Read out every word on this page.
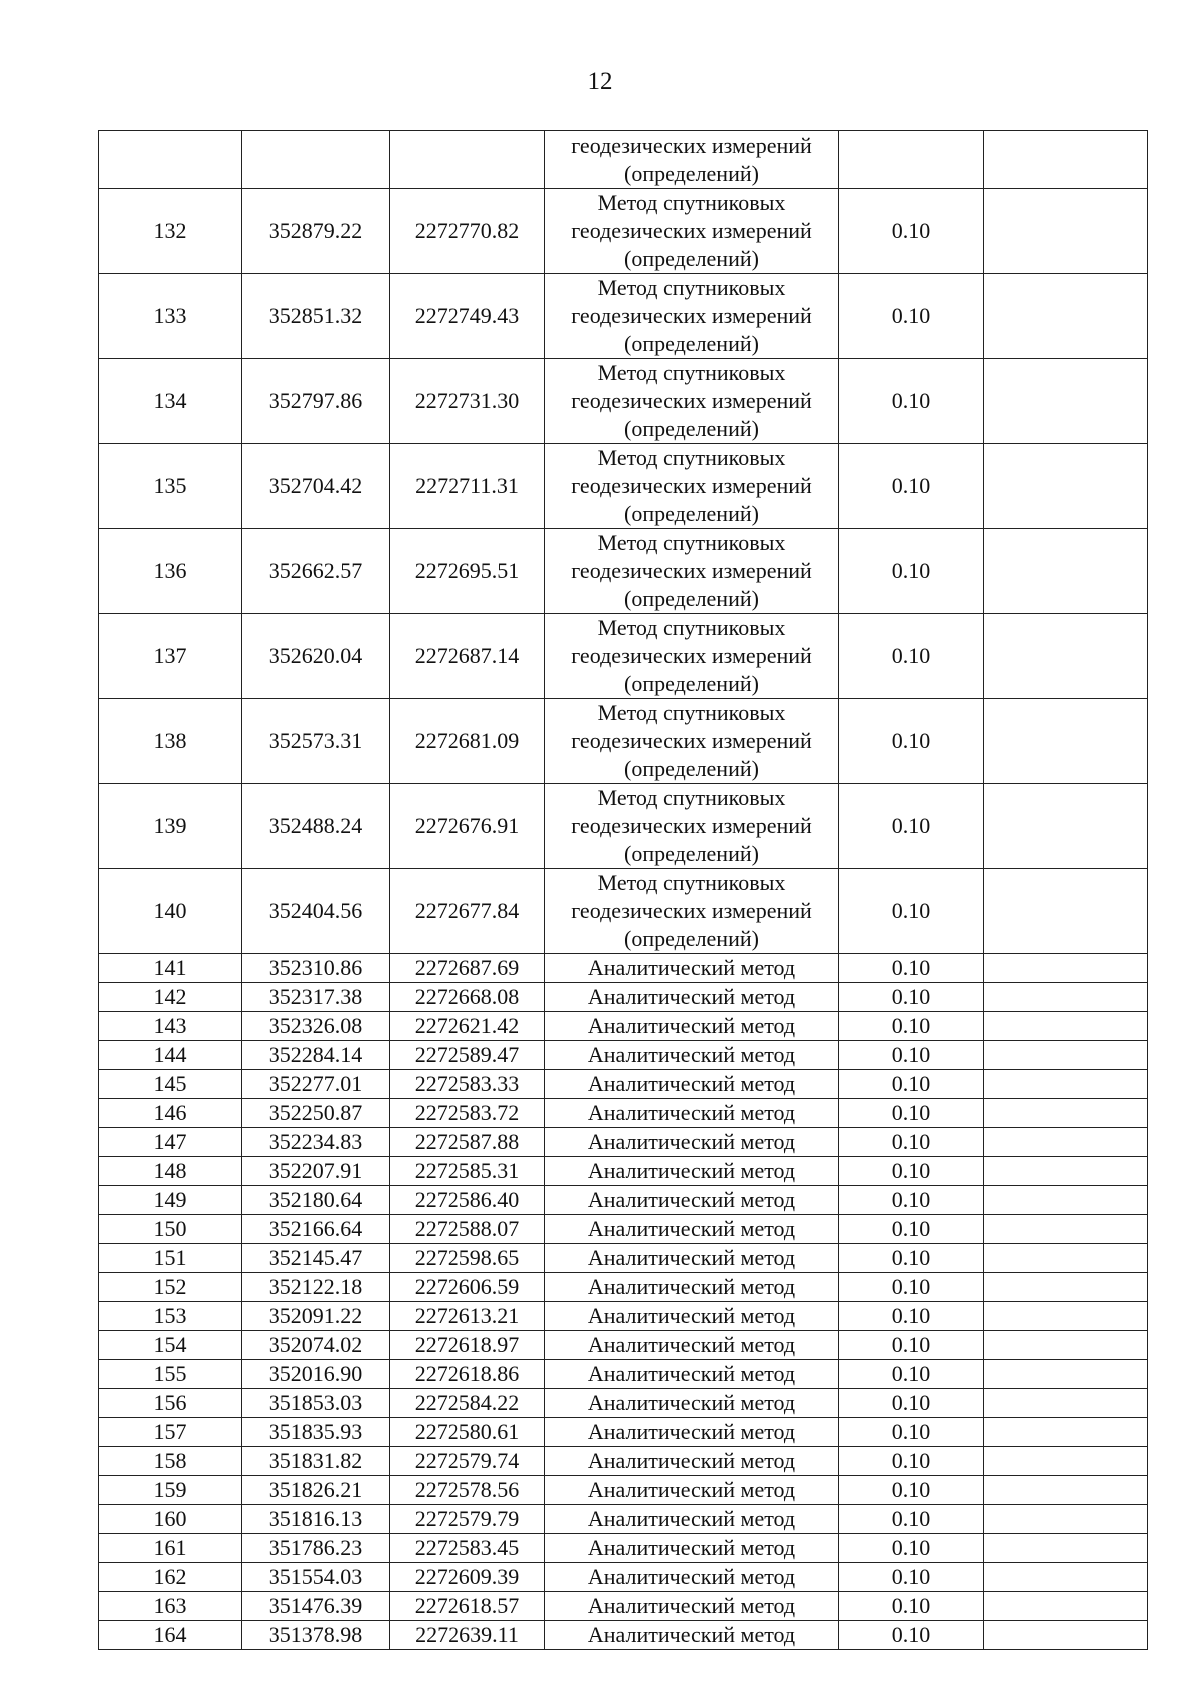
12
			геодезических измерений
(определений)		
132	352879.22	2272770.82	Метод спутниковых
геодезических измерений
(определений)	0.10	
133	352851.32	2272749.43	Метод спутниковых
геодезических измерений
(определений)	0.10	
134	352797.86	2272731.30	Метод спутниковых
геодезических измерений
(определений)	0.10	
135	352704.42	2272711.31	Метод спутниковых
геодезических измерений
(определений)	0.10	
136	352662.57	2272695.51	Метод спутниковых
геодезических измерений
(определений)	0.10	
137	352620.04	2272687.14	Метод спутниковых
геодезических измерений
(определений)	0.10	
138	352573.31	2272681.09	Метод спутниковых
геодезических измерений
(определений)	0.10	
139	352488.24	2272676.91	Метод спутниковых
геодезических измерений
(определений)	0.10	
140	352404.56	2272677.84	Метод спутниковых
геодезических измерений
(определений)	0.10	
141	352310.86	2272687.69	Аналитический метод	0.10	
142	352317.38	2272668.08	Аналитический метод	0.10	
143	352326.08	2272621.42	Аналитический метод	0.10	
144	352284.14	2272589.47	Аналитический метод	0.10	
145	352277.01	2272583.33	Аналитический метод	0.10	
146	352250.87	2272583.72	Аналитический метод	0.10	
147	352234.83	2272587.88	Аналитический метод	0.10	
148	352207.91	2272585.31	Аналитический метод	0.10	
149	352180.64	2272586.40	Аналитический метод	0.10	
150	352166.64	2272588.07	Аналитический метод	0.10	
151	352145.47	2272598.65	Аналитический метод	0.10	
152	352122.18	2272606.59	Аналитический метод	0.10	
153	352091.22	2272613.21	Аналитический метод	0.10	
154	352074.02	2272618.97	Аналитический метод	0.10	
155	352016.90	2272618.86	Аналитический метод	0.10	
156	351853.03	2272584.22	Аналитический метод	0.10	
157	351835.93	2272580.61	Аналитический метод	0.10	
158	351831.82	2272579.74	Аналитический метод	0.10	
159	351826.21	2272578.56	Аналитический метод	0.10	
160	351816.13	2272579.79	Аналитический метод	0.10	
161	351786.23	2272583.45	Аналитический метод	0.10	
162	351554.03	2272609.39	Аналитический метод	0.10	
163	351476.39	2272618.57	Аналитический метод	0.10	
164	351378.98	2272639.11	Аналитический метод	0.10	
